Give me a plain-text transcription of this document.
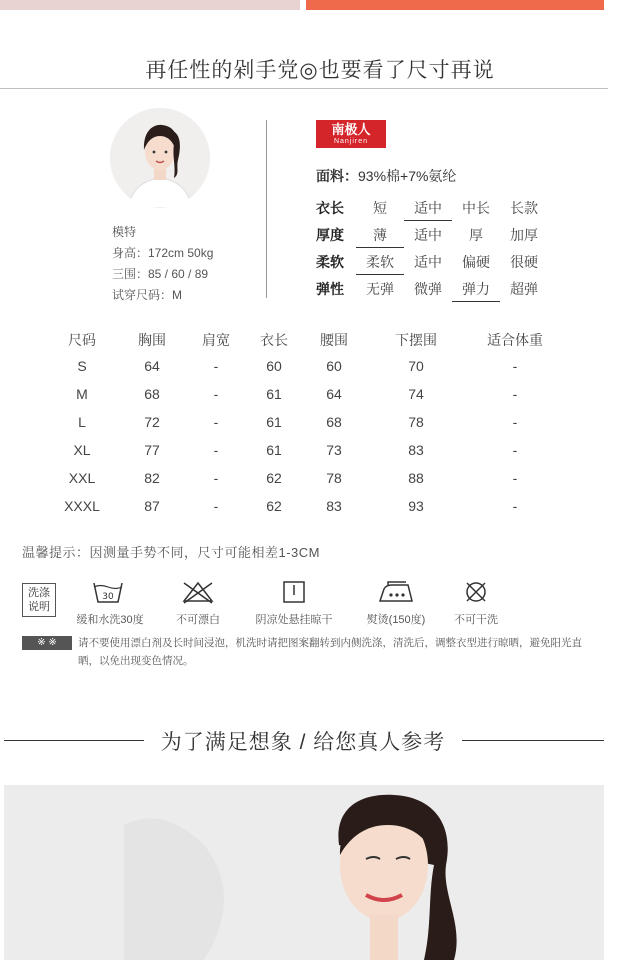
再任性的剁手党◎也要看了尺寸再说
模特
身高：172cm 50kg
三围：85 / 60 / 89
试穿尺码：M
南极人
Nanjiren
面料：93%棉+7%氨纶
衣长	短	适中	中长	长款
厚度	薄	适中	厚	加厚
柔软	柔软	适中	偏硬	很硬
弹性	无弹	微弹	弹力	超弹
尺码	胸围	肩宽	衣长	腰围	下摆围	适合体重
S	64	-	60	60	70	-
M	68	-	61	64	74	-
L	72	-	61	68	78	-
XL	77	-	61	73	83	-
XXL	82	-	62	78	88	-
XXXL	87	-	62	83	93	-
温馨提示：因测量手势不同，尺寸可能相差1-3CM
洗涤
说明
30
缓和水洗30度	不可漂白	阴凉处悬挂晾干	熨烫(150度)	不可干洗
※ ※	请不要使用漂白剂及长时间浸泡，机洗时请把图案翻转到内侧洗涤，清洗后，调整衣型进行晾晒，避免阳光直晒，以免出现变色情况。
为了满足想象 / 给您真人参考
